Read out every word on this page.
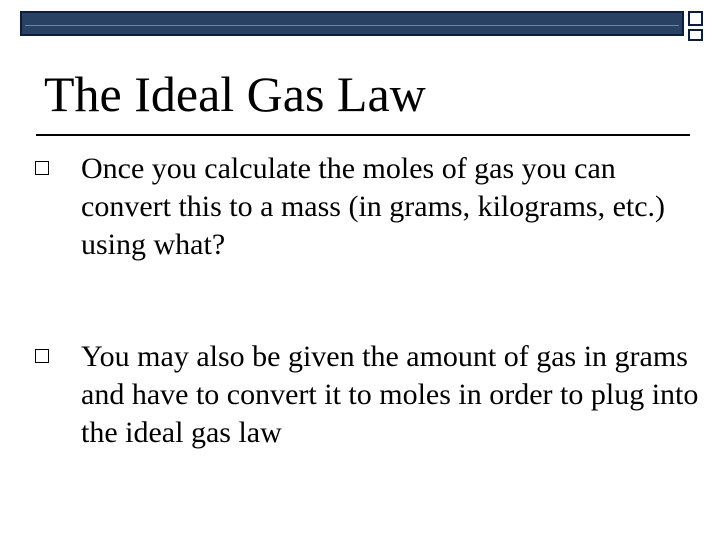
The Ideal Gas Law
Once you calculate the moles of gas you can convert this to a mass (in grams, kilograms, etc.) using what?
You may also be given the amount of gas in grams and have to convert it to moles in order to plug into the ideal gas law
